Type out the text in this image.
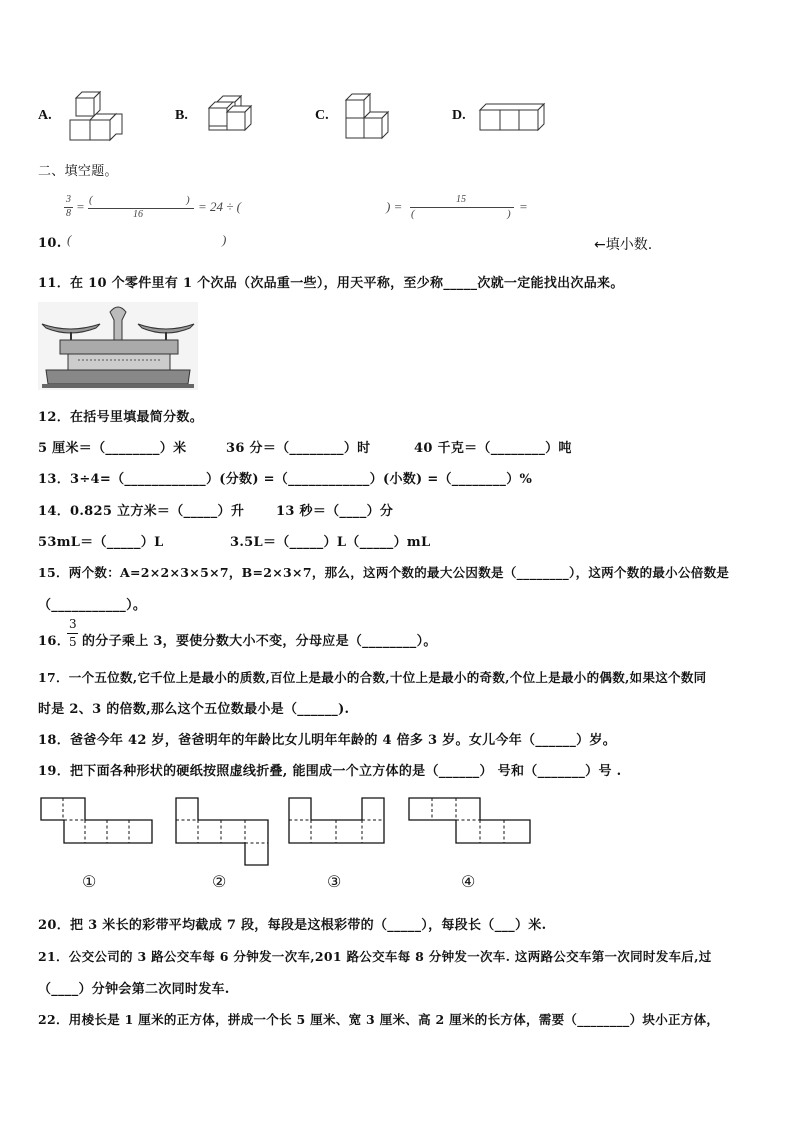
A.	B.	C.	D.
二、填空题。
3
8 = (	)
16
= 24 ÷ (	) =	15
(	) =
10. (	)	←填小数.
11．在 10 个零件里有 1 个次品（次品重一些），用天平称，至少称_____次就一定能找出次品来。
12．在括号里填最简分数。
5 厘米＝（________）米	36 分＝（________）时	40 千克＝（________）吨
13．3÷4=（____________）(分数) =（____________）(小数) =（________）%
14．0.825 立方米＝（_____）升 13 秒＝（____）分
53mL＝（_____）L	3.5L＝（_____）L（_____）mL
15．两个数：A=2×2×3×5×7，B=2×3×7，那么，这两个数的最大公因数是（________），这两个数的最小公倍数是
（___________）。
16．
3
5 的分子乘上 3，要使分数大小不变，分母应是（________）。
17．一个五位数,它千位上是最小的质数,百位上是最小的合数,十位上是最小的奇数,个位上是最小的偶数,如果这个数同
时是 2、3 的倍数,那么这个五位数最小是（______).
18．爸爸今年 42 岁，爸爸明年的年龄比女儿明年年龄的 4 倍多 3 岁。女儿今年（______）岁。
19．把下面各种形状的硬纸按照虚线折叠, 能围成一个立方体的是（______） 号和（_______）号 .
①	②	③	④
20．把 3 米长的彩带平均截成 7 段，每段是这根彩带的（_____），每段长（___）米.
21．公交公司的 3 路公交车每 6 分钟发一次车,201 路公交车每 8 分钟发一次车. 这两路公交车第一次同时发车后,过
（____）分钟会第二次同时发车.
22．用棱长是 1 厘米的正方体，拼成一个长 5 厘米、宽 3 厘米、高 2 厘米的长方体，需要（________）块小正方体，
